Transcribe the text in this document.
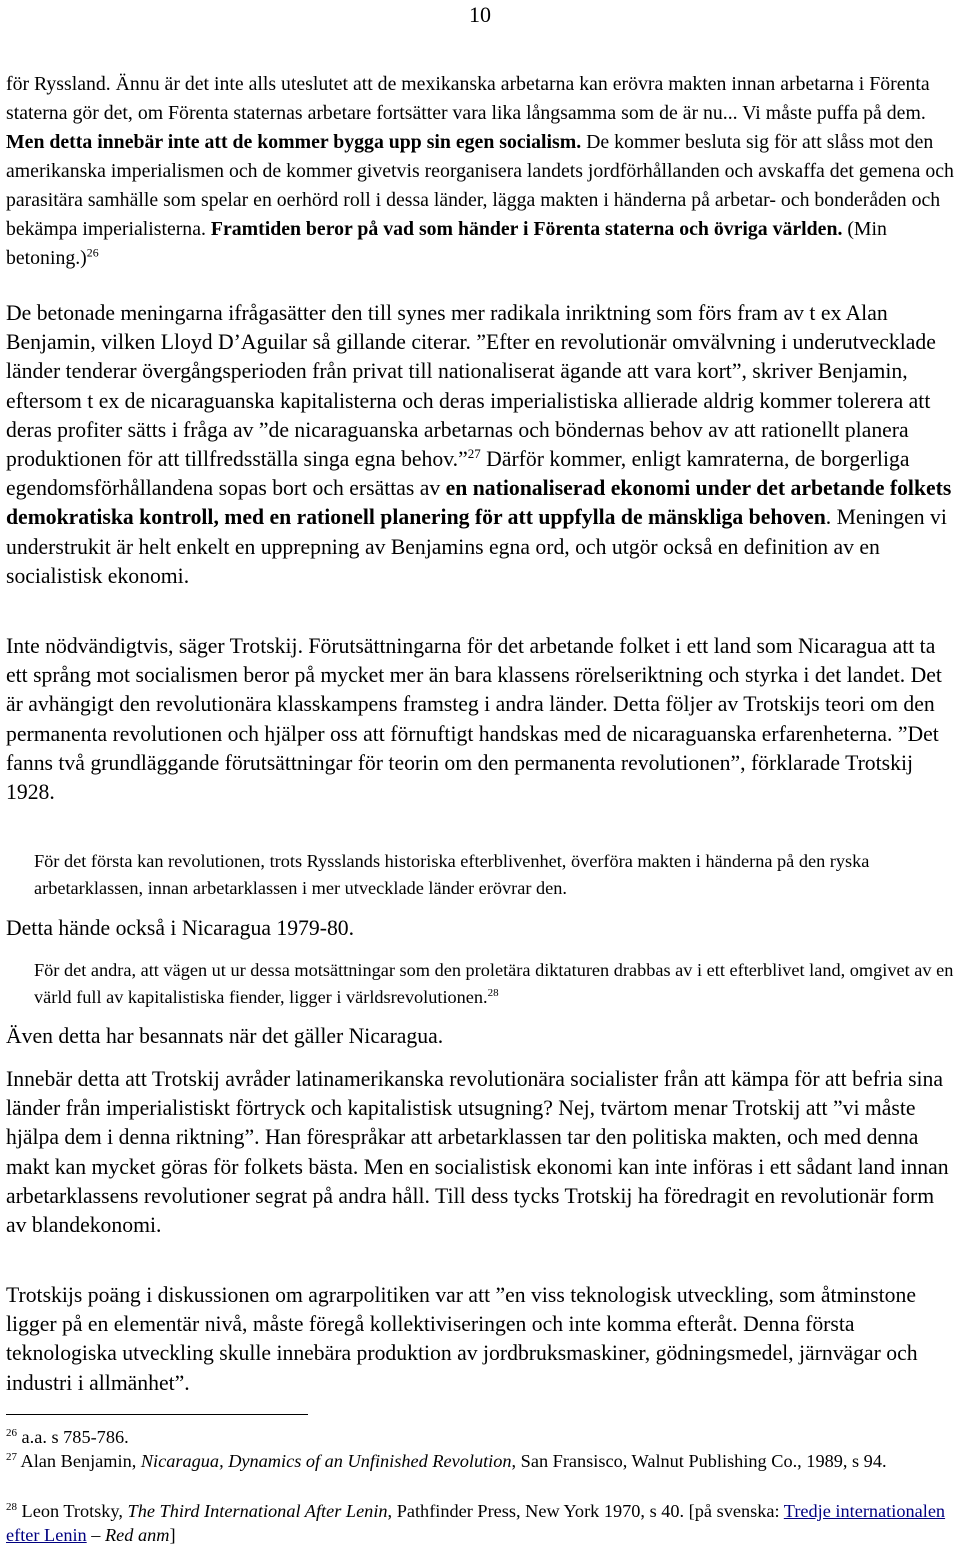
10

för Ryssland. Ännu är det inte alls uteslutet att de mexikanska arbetarna kan erövra makten innan arbetarna i Förenta staterna gör det, om Förenta staternas arbetare fortsätter vara lika långsamma som de är nu... Vi måste puffa på dem. Men detta innebär inte att de kommer bygga upp sin egen socialism. De kommer besluta sig för att slåss mot den amerikanska imperialismen och de kommer givetvis reorganisera landets jordförhållanden och avskaffa det gemena och parasitära samhälle som spelar en oerhörd roll i dessa länder, lägga makten i händerna på arbetar- och bonderåden och bekämpa imperialisterna. Framtiden beror på vad som händer i Förenta staterna och övriga världen. (Min betoning.)$^{26}$

De betonade meningarna ifrågasätter den till synes mer radikala inriktning som förs fram av t ex Alan Benjamin, vilken Lloyd D’Aguilar så gillande citerar. ”Efter en revolutionär omvälvning i underutvecklade länder tenderar övergångsperioden från privat till nationaliserat ägande att vara kort”, skriver Benjamin, eftersom t ex de nicaraguanska kapitalisterna och deras imperialistiska allierade aldrig kommer tolerera att deras profiter sätts i fråga av ”de nicaraguanska arbetarnas och böndernas behov av att rationellt planera produktionen för att tillfredsställa singa egna behov.”$^{27}$ Därför kommer, enligt kamraterna, de borgerliga egendomsförhållandena sopas bort och ersättas av en nationaliserad ekonomi under det arbetande folkets demokratiska kontroll, med en rationell planering för att uppfylla de mänskliga behoven. Meningen vi understrukit är helt enkelt en upprepning av Benjamins egna ord, och utgör också en definition av en socialistisk ekonomi.

Inte nödvändigtvis, säger Trotskij. Förutsättningarna för det arbetande folket i ett land som Nicaragua att ta ett språng mot socialismen beror på mycket mer än bara klassens rörelseriktning och styrka i det landet. Det är avhängigt den revolutionära klasskampens framsteg i andra länder. Detta följer av Trotskijs teori om den permanenta revolutionen och hjälper oss att förnuftigt handskas med de nicaraguanska erfarenheterna. ”Det fanns två grundläggande förutsättningar för teorin om den permanenta revolutionen”, förklarade Trotskij 1928.

För det första kan revolutionen, trots Rysslands historiska efterblivenhet, överföra makten i händerna på den ryska arbetarklassen, innan arbetarklassen i mer utvecklade länder erövrar den.

Detta hände också i Nicaragua 1979-80.

För det andra, att vägen ut ur dessa motsättningar som den proletära diktaturen drabbas av i ett efterblivet land, omgivet av en värld full av kapitalistiska fiender, ligger i världsrevolutionen.$^{28}$

Även detta har besannats när det gäller Nicaragua.

Innebär detta att Trotskij avråder latinamerikanska revolutionära socialister från att kämpa för att befria sina länder från imperialistiskt förtryck och kapitalistisk utsugning? Nej, tvärtom menar Trotskij att ”vi måste hjälpa dem i denna riktning”. Han förespråkar att arbetarklassen tar den politiska makten, och med denna makt kan mycket göras för folkets bästa. Men en socialistisk ekonomi kan inte införas i ett sådant land innan arbetarklassens revolutioner segrat på andra håll. Till dess tycks Trotskij ha föredragit en revolutionär form av blandekonomi.

Trotskijs poäng i diskussionen om agrarpolitiken var att ”en viss teknologisk utveckling, som åtminstone ligger på en elementär nivå, måste föregå kollektiviseringen och inte komma efteråt. Denna första teknologiska utveckling skulle innebära produktion av jordbruksmaskiner, gödningsmedel, järnvägar och industri i allmänhet”.

$^{26}$ a.a. s 785-786.

$^{27}$ Alan Benjamin, Nicaragua, Dynamics of an Unfinished Revolution, San Fransisco, Walnut Publishing Co., 1989, s 94.

$^{28}$ Leon Trotsky, The Third International After Lenin, Pathfinder Press, New York 1970, s 40. [på svenska: Tredje internationalen efter Lenin – Red anm]
